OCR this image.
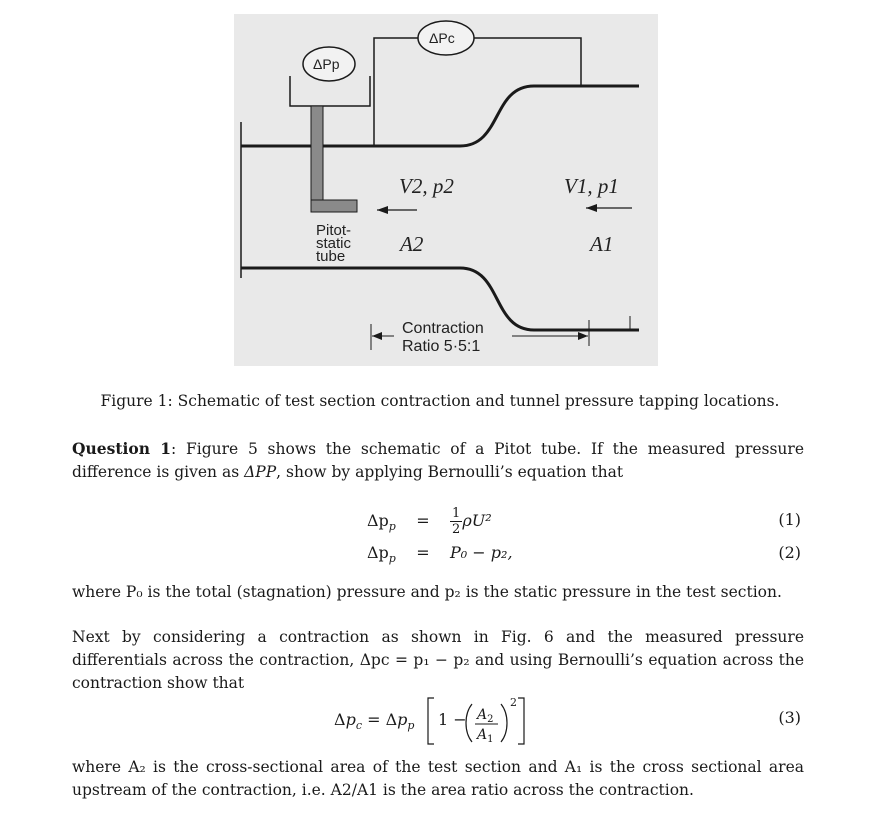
ΔPp
ΔPc
V2, p2	V1, p1
A2	A1
Pitot-
static
tube
Contraction
Ratio 5·5:1
Figure 1: Schematic of test section contraction and tunnel pressure tapping locations.
Question 1: Figure 5 shows the schematic of a Pitot tube. If the measured pressure difference is given as ΔPP, show by applying Bernoulli’s equation that
$\Delta p_p = \frac{1}{2} \rho U^2$	(1)
$\Delta p_p = P_0 - p_2$,	(2)
where P₀ is the total (stagnation) pressure and p₂ is the static pressure in the test section.
Next by considering a contraction as shown in Fig. 6 and the measured pressure differentials across the contraction, Δpc = p₁ − p₂ and using Bernoulli’s equation across the contraction show that
$\Delta p_c = \Delta p_p$ $1 - A_2$
$A_1$
2
(3)
where A₂ is the cross-sectional area of the test section and A₁ is the cross sectional area upstream of the contraction, i.e. A2/A1 is the area ratio across the contraction.
